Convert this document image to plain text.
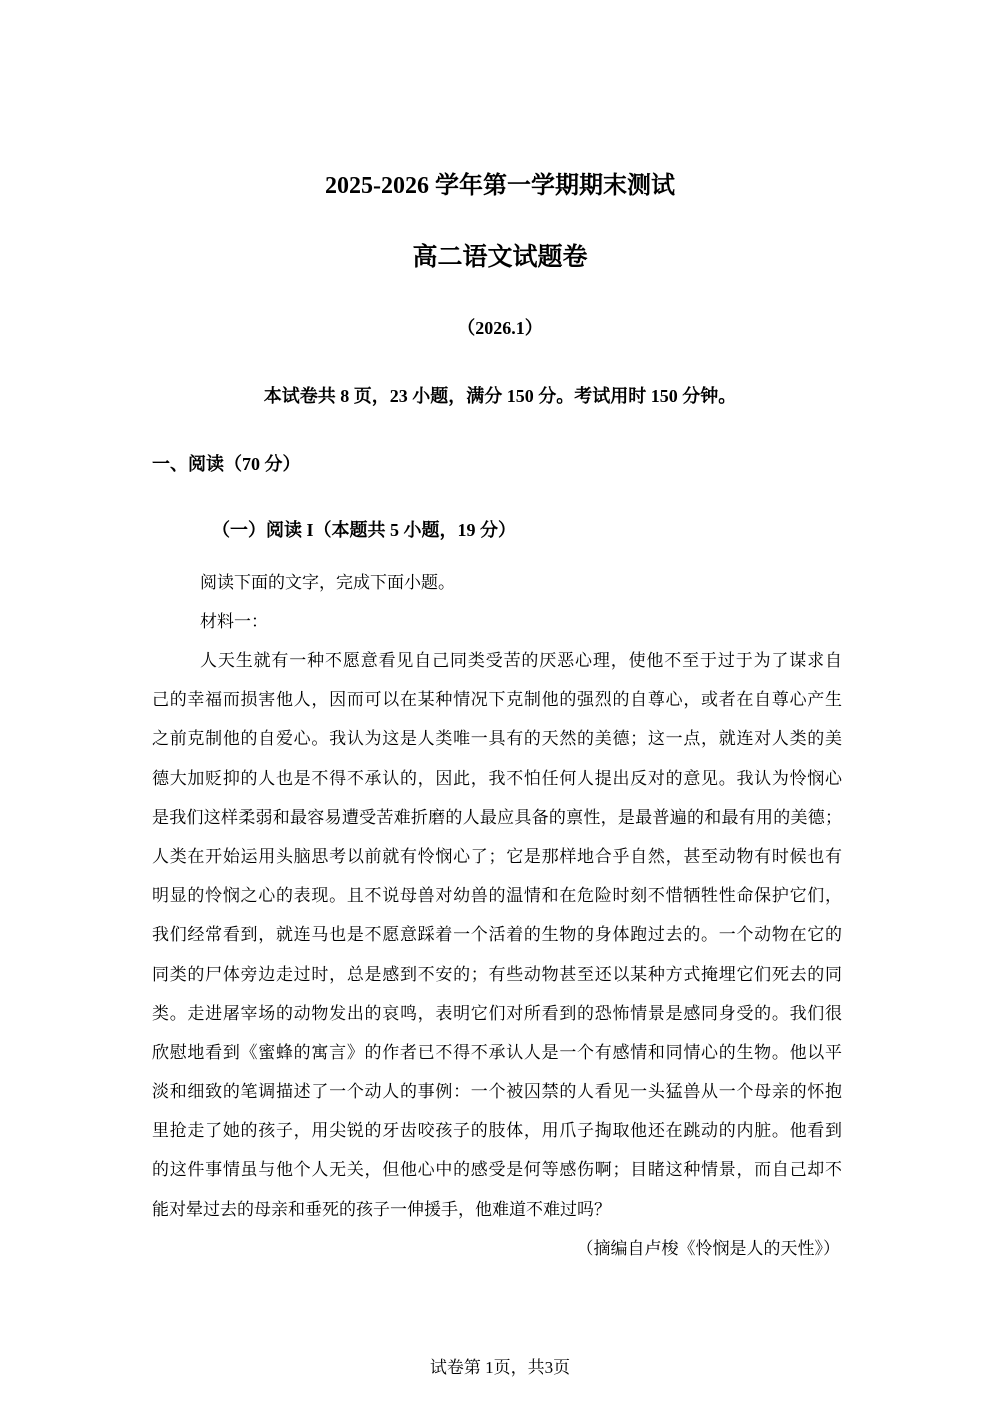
2025-2026 学年第一学期期末测试
高二语文试题卷
（2026.1）
本试卷共 8 页，23 小题，满分 150 分。考试用时 150 分钟。
一、阅读（70 分）
（一）阅读 I（本题共 5 小题，19 分）
阅读下面的文字，完成下面小题。
材料一：
人天生就有一种不愿意看见自己同类受苦的厌恶心理，使他不至于过于为了谋求自
己的幸福而损害他人，因而可以在某种情况下克制他的强烈的自尊心，或者在自尊心产生
之前克制他的自爱心。我认为这是人类唯一具有的天然的美德；这一点，就连对人类的美
德大加贬抑的人也是不得不承认的，因此，我不怕任何人提出反对的意见。我认为怜悯心
是我们这样柔弱和最容易遭受苦难折磨的人最应具备的禀性，是最普遍的和最有用的美德；
人类在开始运用头脑思考以前就有怜悯心了；它是那样地合乎自然，甚至动物有时候也有
明显的怜悯之心的表现。且不说母兽对幼兽的温情和在危险时刻不惜牺牲性命保护它们，
我们经常看到，就连马也是不愿意踩着一个活着的生物的身体跑过去的。一个动物在它的
同类的尸体旁边走过时，总是感到不安的；有些动物甚至还以某种方式掩埋它们死去的同
类。走进屠宰场的动物发出的哀鸣，表明它们对所看到的恐怖情景是感同身受的。我们很
欣慰地看到《蜜蜂的寓言》的作者已不得不承认人是一个有感情和同情心的生物。他以平
淡和细致的笔调描述了一个动人的事例：一个被囚禁的人看见一头猛兽从一个母亲的怀抱
里抢走了她的孩子，用尖锐的牙齿咬孩子的肢体，用爪子掏取他还在跳动的内脏。他看到
的这件事情虽与他个人无关，但他心中的感受是何等感伤啊；目睹这种情景，而自己却不
能对晕过去的母亲和垂死的孩子一伸援手，他难道不难过吗？
（摘编自卢梭《怜悯是人的天性》）
试卷第 1页，共3页
